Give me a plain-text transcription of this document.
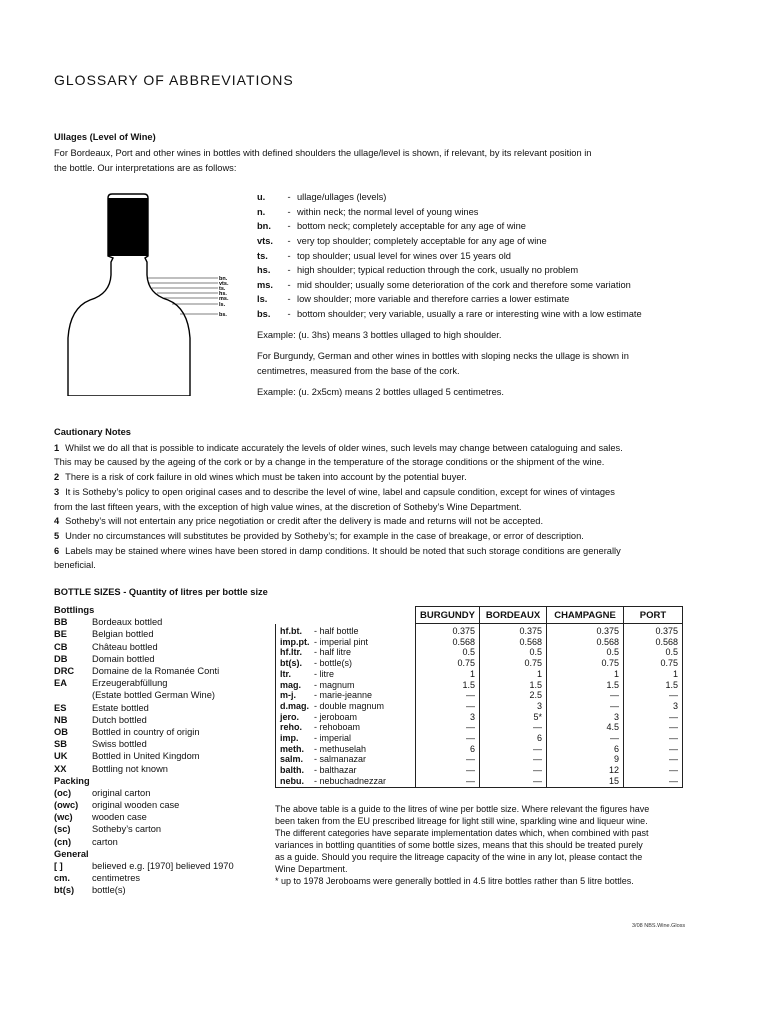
GLOSSARY OF ABBREVIATIONS
Ullages (Level of Wine)
For Bordeaux, Port and other wines in bottles with defined shoulders the ullage/level is shown, if relevant, by its relevant position in
the bottle. Our interpretations are as follows:
bn.
vts.
ts.
hs.
ms.
ls.
bs.
u.	- ullage/ullages (levels)
n.	- within neck; the normal level of young wines
bn.	- bottom neck; completely acceptable for any age of wine
vts.	- very top shoulder; completely acceptable for any age of wine
ts.	- top shoulder; usual level for wines over 15 years old
hs.	- high shoulder; typical reduction through the cork, usually no problem
ms.	- mid shoulder; usually some deterioration of the cork and therefore some variation
ls.	- low shoulder; more variable and therefore carries a lower estimate
bs.	- bottom shoulder; very variable, usually a rare or interesting wine with a low estimate
Example: (u. 3hs) means 3 bottles ullaged to high shoulder.
For Burgundy, German and other wines in bottles with sloping necks the ullage is shown in
centimetres, measured from the base of the cork.
Example: (u. 2x5cm) means 2 bottles ullaged 5 centimetres.
Cautionary Notes
1 Whilst we do all that is possible to indicate accurately the levels of older wines, such levels may change between cataloguing and sales.
This may be caused by the ageing of the cork or by a change in the temperature of the storage conditions or the shipment of the wine.
2 There is a risk of cork failure in old wines which must be taken into account by the potential buyer.
3 It is Sotheby’s policy to open original cases and to describe the level of wine, label and capsule condition, except for wines of vintages
from the last fifteen years, with the exception of high value wines, at the discretion of Sotheby’s Wine Department.
4 Sotheby’s will not entertain any price negotiation or credit after the delivery is made and returns will not be accepted.
5 Under no circumstances will substitutes be provided by Sotheby’s; for example in the case of breakage, or error of description.
6 Labels may be stained where wines have been stored in damp conditions. It should be noted that such storage conditions are generally
beneficial.
BOTTLE SIZES - Quantity of litres per bottle size
Bottlings
BB	Bordeaux bottled
BE	Belgian bottled
CB	Château bottled
DB	Domain bottled
DRC	Domaine de la Romanée Conti
EA	Erzeugerabfüllung
(Estate bottled German Wine)
ES	Estate bottled
NB	Dutch bottled
OB	Bottled in country of origin
SB	Swiss bottled
UK	Bottled in United Kingdom
XX	Bottling not known
Packing
(oc)	original carton
(owc)	original wooden case
(wc)	wooden case
(sc)	Sotheby’s carton
(cn)	carton
General
[ ]	believed e.g. [1970] believed 1970
cm.	centimetres
bt(s)	bottle(s)
	BURGUNDY	BORDEAUX	CHAMPAGNE	PORT
hf.bt. - half bottle	0.375	0.375	0.375	0.375
imp.pt. - imperial pint	0.568	0.568	0.568	0.568
hf.ltr. - half litre	0.5	0.5	0.5	0.5
bt(s). - bottle(s)	0.75	0.75	0.75	0.75
ltr. - litre	1	1	1	1
mag. - magnum	1.5	1.5	1.5	1.5
m-j. - marie-jeanne	—	2.5	—	—
d.mag. - double magnum	—	3	—	3
jero. - jeroboam	3	5*	3	—
reho. - rehoboam	—	—	4.5	—
imp. - imperial	—	6	—	—
meth. - methuselah	6	—	6	—
salm. - salmanazar	—	—	9	—
balth. - balthazar	—	—	12	—
nebu. - nebuchadnezzar	—	—	15	—
The above table is a guide to the litres of wine per bottle size. Where relevant the figures have
been taken from the EU prescribed litreage for light still wine, sparkling wine and liqueur wine.
The different categories have separate implementation dates which, when combined with past
variances in bottling quantities of some bottle sizes, means that this should be treated purely
as a guide. Should you require the litreage capacity of the wine in any lot, please contact the
Wine Department.
* up to 1978 Jeroboams were generally bottled in 4.5 litre bottles rather than 5 litre bottles.
3/08 NBS.Wine.Gloss
